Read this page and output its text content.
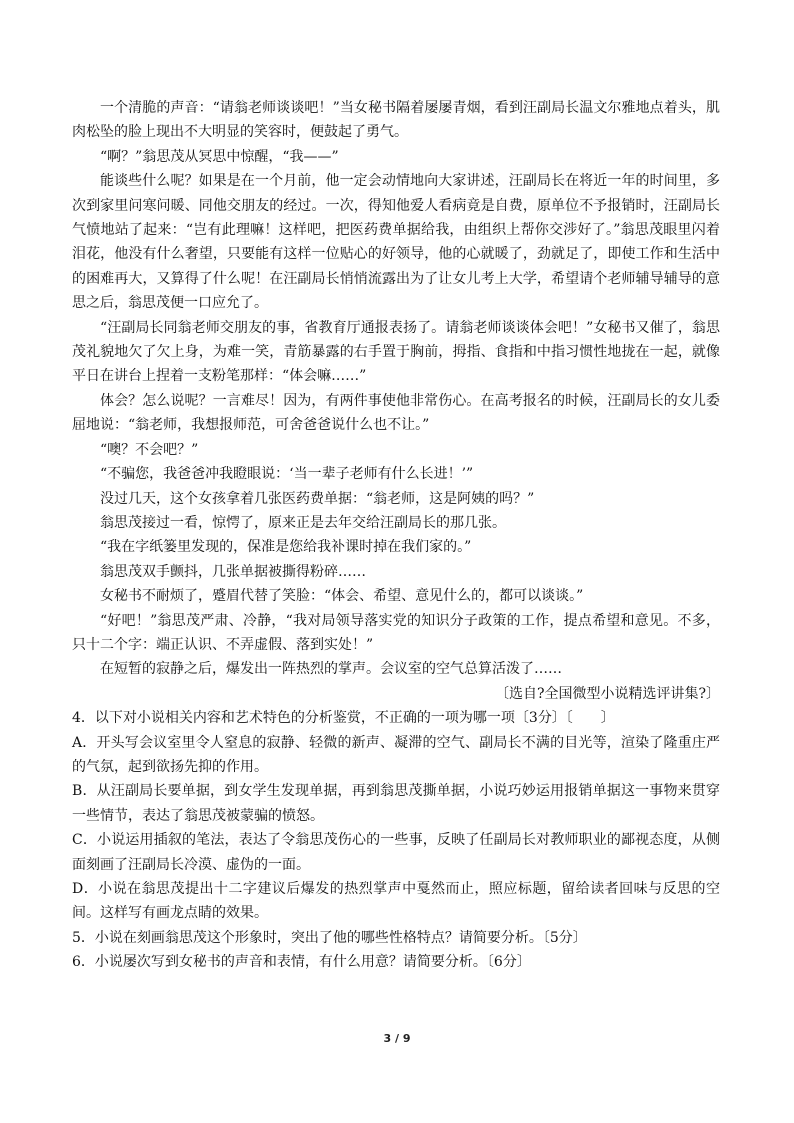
一个清脆的声音：“请翁老师谈谈吧！”当女秘书隔着屡屡青烟，看到汪副局长温文尔雅地点着头，肌肉松坠的脸上现出不大明显的笑容时，便鼓起了勇气。

“啊？”翁思茂从冥思中惊醒，“我——”

能谈些什么呢？如果是在一个月前，他一定会动情地向大家讲述，汪副局长在将近一年的时间里，多次到家里问寒问暖、同他交朋友的经过。一次，得知他爱人看病竟是自费，原单位不予报销时，汪副局长气愤地站了起来：“岂有此理嘛！这样吧，把医药费单据给我，由组织上帮你交涉好了。”翁思茂眼里闪着泪花，他没有什么奢望，只要能有这样一位贴心的好领导，他的心就暖了，劲就足了，即使工作和生活中的困难再大，又算得了什么呢！在汪副局长悄悄流露出为了让女儿考上大学，希望请个老师辅导辅导的意思之后，翁思茂便一口应允了。

“汪副局长同翁老师交朋友的事，省教育厅通报表扬了。请翁老师谈谈体会吧！”女秘书又催了，翁思茂礼貌地欠了欠上身，为难一笑，青筋暴露的右手置于胸前，拇指、食指和中指习惯性地拢在一起，就像平日在讲台上捏着一支粉笔那样：“体会嘛……”

体会？怎么说呢？一言难尽！因为，有两件事使他非常伤心。在高考报名的时候，汪副局长的女儿委屈地说：“翁老师，我想报师范，可舍爸爸说什么也不让。”

“噢？不会吧？”

“不骗您，我爸爸冲我瞪眼说：‘当一辈子老师有什么长进！’”

没过几天，这个女孩拿着几张医药费单据：“翁老师，这是阿姨的吗？”

翁思茂接过一看，惊愕了，原来正是去年交给汪副局长的那几张。

“我在字纸篓里发现的，保准是您给我补课时掉在我们家的。”

翁思茂双手颤抖，几张单据被撕得粉碎……

女秘书不耐烦了，蹙眉代替了笑脸：“体会、希望、意见什么的，都可以谈谈。”

“好吧！”翁思茂严肃、冷静，“我对局领导落实党的知识分子政策的工作，提点希望和意见。不多，只十二个字：端正认识、不弄虚假、落到实处！”

在短暂的寂静之后，爆发出一阵热烈的掌声。会议室的空气总算活泼了……

〔选自?全国微型小说精选评讲集?〕

4．以下对小说相关内容和艺术特色的分析鉴赏，不正确的一项为哪一项〔3分〕〔　　〕

A．开头写会议室里令人窒息的寂静、轻微的新声、凝滞的空气、副局长不满的目光等，渲染了隆重庄严的气氛，起到欲扬先抑的作用。

B．从汪副局长要单据，到女学生发现单据，再到翁思茂撕单据，小说巧妙运用报销单据这一事物来贯穿一些情节，表达了翁思茂被蒙骗的愤怒。

C．小说运用插叙的笔法，表达了令翁思茂伤心的一些事，反映了任副局长对教师职业的鄙视态度，从侧面刻画了汪副局长冷漠、虚伪的一面。

D．小说在翁思茂提出十二字建议后爆发的热烈掌声中戛然而止，照应标题，留给读者回味与反思的空间。这样写有画龙点睛的效果。

5．小说在刻画翁思茂这个形象时，突出了他的哪些性格特点？请简要分析。〔5分〕

6．小说屡次写到女秘书的声音和表情，有什么用意？请简要分析。〔6分〕

3 / 9
